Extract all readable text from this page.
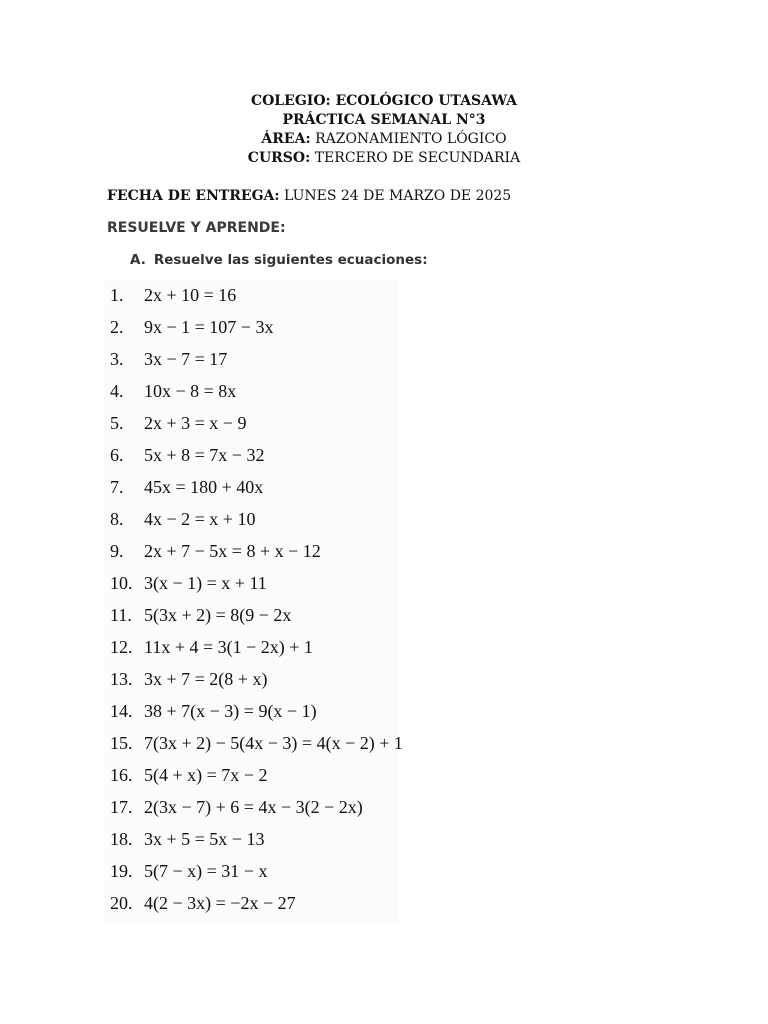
COLEGIO: ECOLÓGICO UTASAWA
PRÁCTICA SEMANAL N°3
ÁREA: RAZONAMIENTO LÓGICO
CURSO: TERCERO DE SECUNDARIA
FECHA DE ENTREGA: LUNES 24 DE MARZO DE 2025
RESUELVE Y APRENDE:
A. Resuelve las siguientes ecuaciones:
1. 2x + 10 = 16
2. 9x − 1 = 107 − 3x
3. 3x − 7 = 17
4. 10x − 8 = 8x
5. 2x + 3 = x − 9
6. 5x + 8 = 7x − 32
7. 45x = 180 + 40x
8. 4x − 2 = x + 10
9. 2x + 7 − 5x = 8 + x − 12
10. 3(x − 1) = x + 11
11. 5(3x + 2) = 8(9 − 2x
12. 11x + 4 = 3(1 − 2x) + 1
13. 3x + 7 = 2(8 + x)
14. 38 + 7(x − 3) = 9(x − 1)
15. 7(3x + 2) − 5(4x − 3) = 4(x − 2) + 1
16. 5(4 + x) = 7x − 2
17. 2(3x − 7) + 6 = 4x − 3(2 − 2x)
18. 3x + 5 = 5x − 13
19. 5(7 − x) = 31 − x
20. 4(2 − 3x) = −2x − 27
